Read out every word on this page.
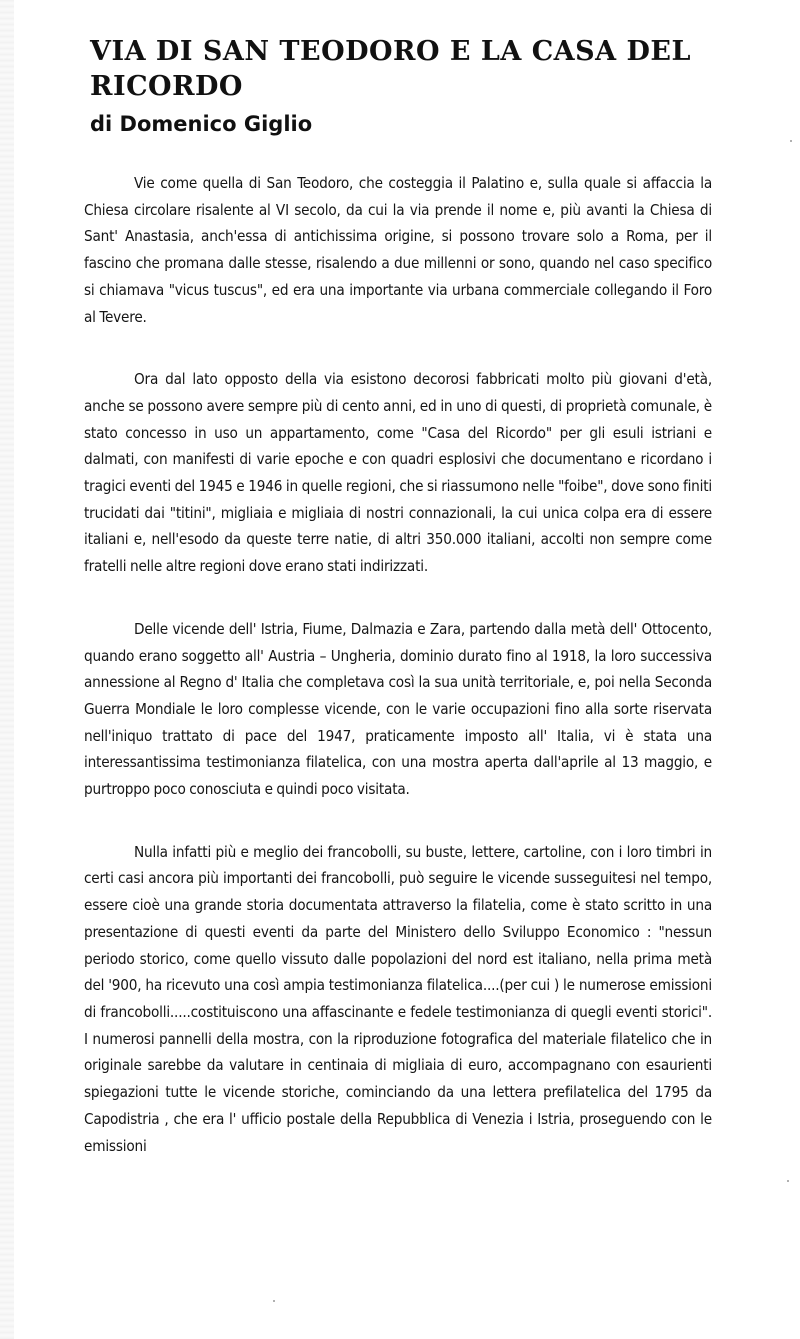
VIA DI SAN TEODORO E LA CASA DEL RICORDO
di Domenico Giglio

Vie come quella di San Teodoro, che costeggia il Palatino e, sulla quale si affaccia la Chiesa circolare risalente al VI secolo, da cui la via prende il nome e, più avanti la Chiesa di Sant' Anastasia, anch'essa di antichissima origine, si possono trovare solo a Roma, per il fascino che promana dalle stesse, risalendo a due millenni or sono, quando nel caso specifico si chiamava "vicus tuscus", ed era una importante via urbana commerciale collegando il Foro al Tevere.

Ora dal lato opposto della via esistono decorosi fabbricati molto più giovani d'età, anche se possono avere sempre più di cento anni, ed in uno di questi, di proprietà comunale, è stato concesso in uso un appartamento, come "Casa del Ricordo" per gli esuli istriani e dalmati, con manifesti di varie epoche e con quadri esplosivi che documentano e ricordano i tragici eventi del 1945 e 1946 in quelle regioni, che si riassumono nelle "foibe", dove sono finiti trucidati dai "titini", migliaia e migliaia di nostri connazionali, la cui unica colpa era di essere italiani e, nell'esodo da queste terre natie, di altri 350.000 italiani, accolti non sempre come fratelli nelle altre regioni dove erano stati indirizzati.

Delle vicende dell' Istria, Fiume, Dalmazia e Zara, partendo dalla metà dell' Ottocento, quando erano soggetto all' Austria – Ungheria, dominio durato fino al 1918, la loro successiva annessione al Regno d' Italia che completava così la sua unità territoriale, e, poi nella Seconda Guerra Mondiale le loro complesse vicende, con le varie occupazioni fino alla sorte riservata nell'iniquo trattato di pace del 1947, praticamente imposto all' Italia, vi è stata una interessantissima testimonianza filatelica, con una mostra aperta dall'aprile al 13 maggio, e purtroppo poco conosciuta e quindi poco visitata.

Nulla infatti più e meglio dei francobolli, su buste, lettere, cartoline, con i loro timbri in certi casi ancora più importanti dei francobolli, può seguire le vicende susseguitesi nel tempo, essere cioè una grande storia documentata attraverso la filatelia, come è stato scritto in una presentazione di questi eventi da parte del Ministero dello Sviluppo Economico : "nessun periodo storico, come quello vissuto dalle popolazioni del nord est italiano, nella prima metà del '900, ha ricevuto una così ampia testimonianza filatelica....(per cui ) le numerose emissioni di francobolli.....costituiscono una affascinante e fedele testimonianza di quegli eventi storici". I numerosi pannelli della mostra, con la riproduzione fotografica del materiale filatelico che in originale sarebbe da valutare in centinaia di migliaia di euro, accompagnano con esaurienti spiegazioni tutte le vicende storiche, cominciando da una lettera prefilatelica del 1795 da Capodistria , che era l' ufficio postale della Repubblica di Venezia i Istria, proseguendo con le emissioni
